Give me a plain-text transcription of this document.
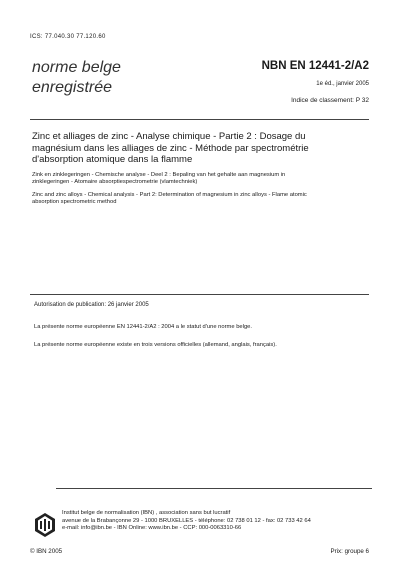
ICS: 77.040.30 77.120.60
norme belge
enregistrée
NBN EN 12441-2/A2
1e éd., janvier 2005
Indice de classement: P 32
Zinc et alliages de zinc - Analyse chimique - Partie 2 : Dosage du
magnésium dans les alliages de zinc - Méthode par spectrométrie
d'absorption atomique dans la flamme
Zink en zinklegeringen - Chemische analyse - Deel 2 : Bepaling van het gehalte aan magnesium in
zinklegeringen - Atomaire absorptiespectrometrie (vlamtechniek)
Zinc and zinc alloys - Chemical analysis - Part 2: Determination of magnesium in zinc alloys - Flame atomic
absorption spectrometric method
Autorisation de publication: 26 janvier 2005
La présente norme européenne EN 12441-2/A2 : 2004 a le statut d'une norme belge.
La présente norme européenne existe en trois versions officielles (allemand, anglais, français).
Institut belge de normalisation (IBN) , association sans but lucratif
avenue de la Brabançonne 29 - 1000 BRUXELLES - téléphone: 02 738 01 12 - fax: 02 733 42 64
e-mail: info@ibn.be - IBN Online: www.ibn.be - CCP: 000-0063310-66
© IBN 2005	Prix: groupe 6
